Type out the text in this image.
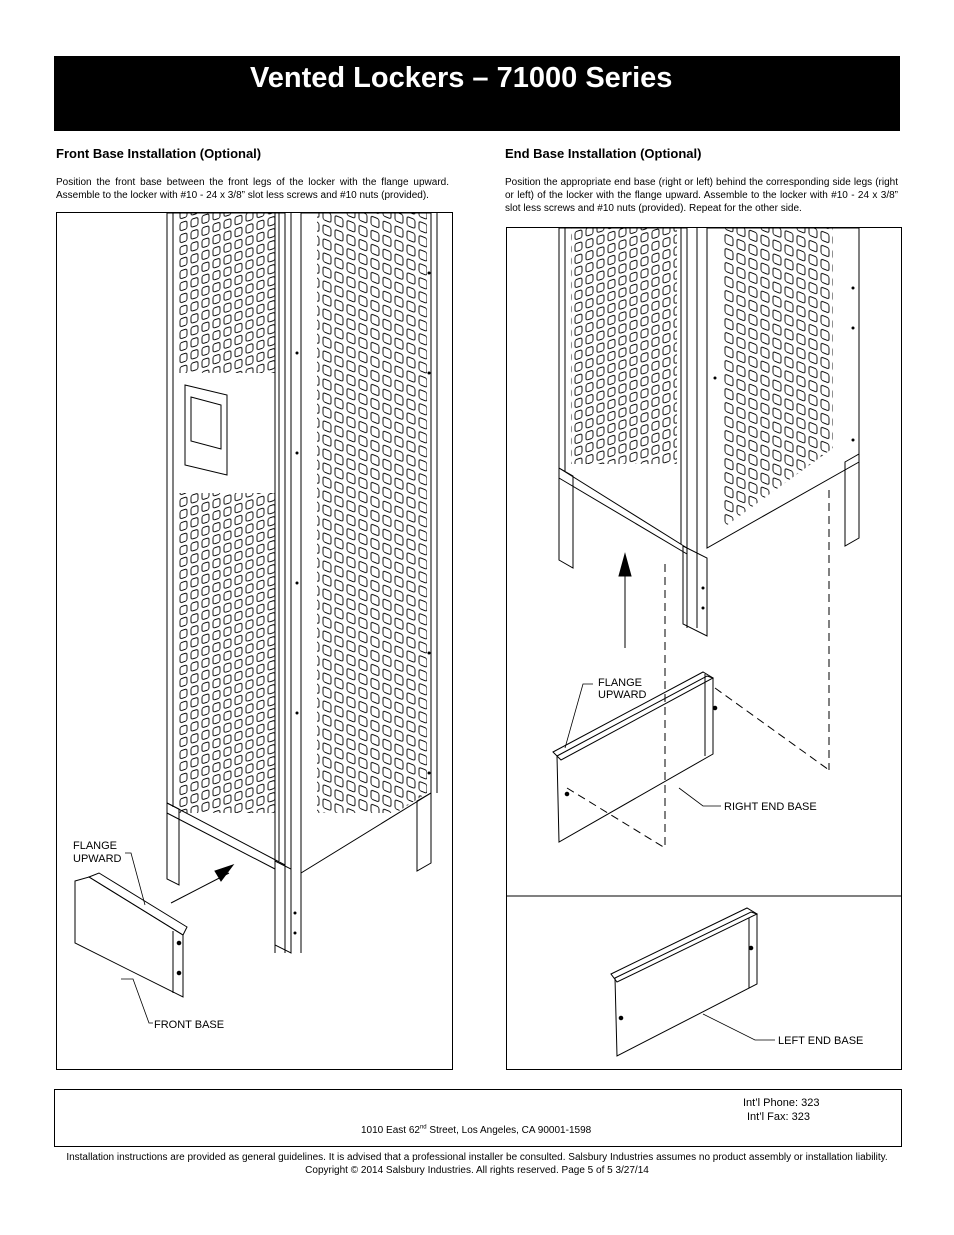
Vented Lockers – 71000 Series
Front Base Installation (Optional)
Position the front base between the front legs of the locker with the flange upward. Assemble to the locker with #10 - 24 x 3/8” slot less screws and #10 nuts (provided).
End Base Installation (Optional)
Position the appropriate end base (right or left) behind the corresponding side legs (right or left) of the locker with the flange upward. Assemble to the locker with #10 - 24 x 3/8” slot less screws and #10 nuts (provided). Repeat for the other side.
FLANGE
UPWARD
FRONT BASE
FLANGE
UPWARD
RIGHT END BASE
LEFT END BASE
Int’l Phone: 323
Int’l Fax: 323
1010 East 62nd Street, Los Angeles, CA 90001-1598
Installation instructions are provided as general guidelines. It is advised that a professional installer be consulted. Salsbury Industries assumes no product assembly or installation liability.
Copyright © 2014 Salsbury Industries. All rights reserved. Page 5 of 5 3/27/14
